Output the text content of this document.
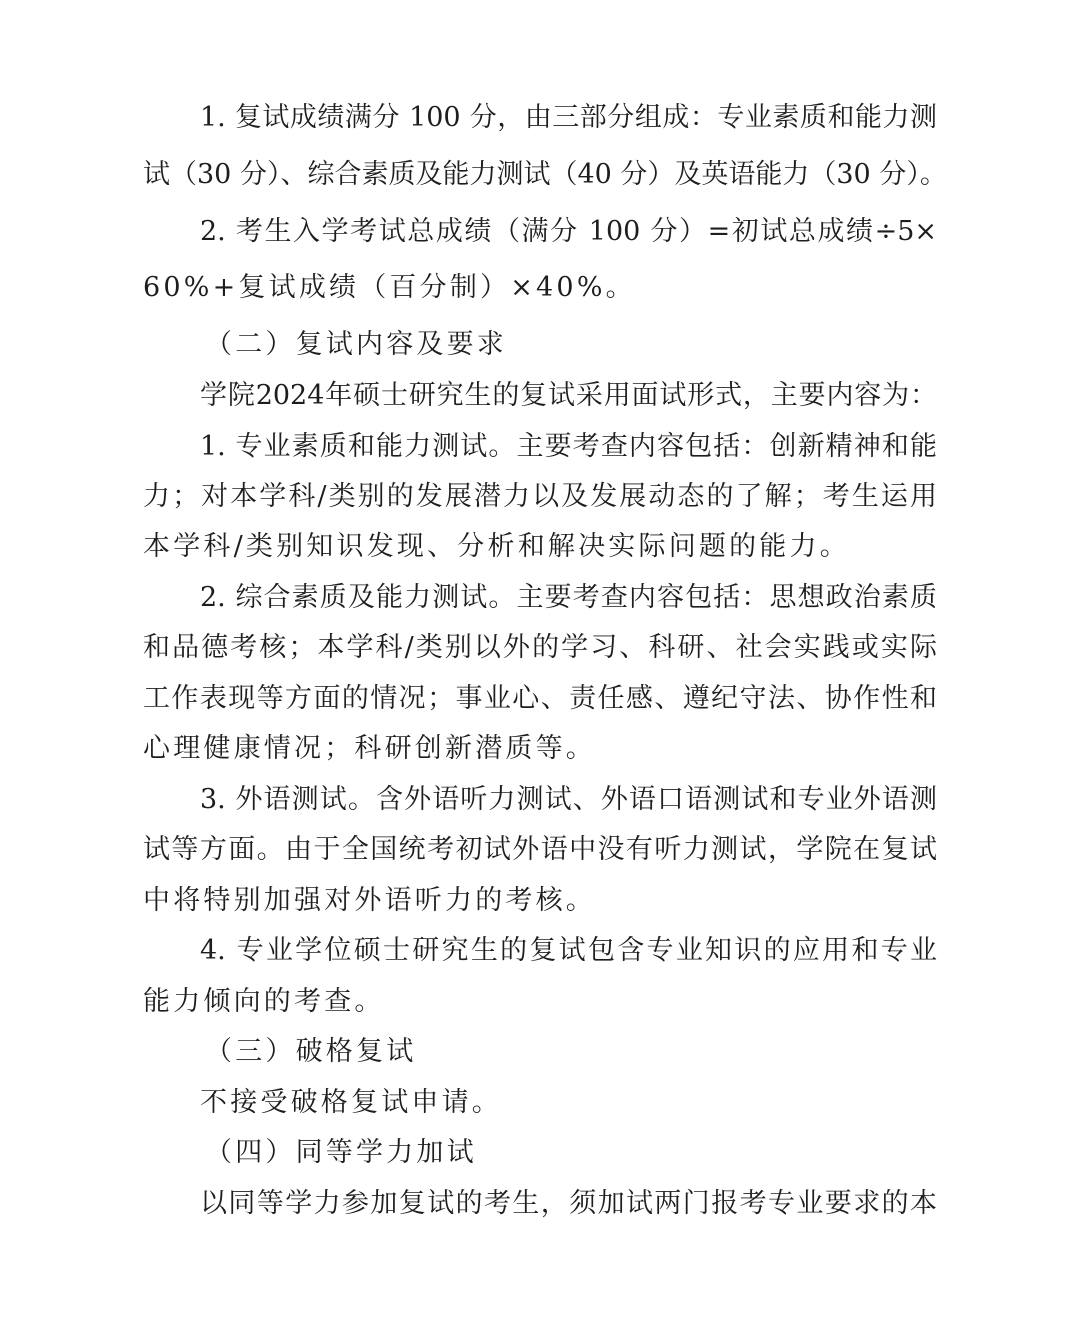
1. 复试成绩满分 100 分，由三部分组成：专业素质和能力测
试（30 分）、综合素质及能力测试（40 分）及英语能力（30 分）。
2. 考生入学考试总成绩（满分 100 分）=初试总成绩÷5×
60%+复试成绩（百分制）×40%。
（二）复试内容及要求
学院2024年硕士研究生的复试采用面试形式，主要内容为：
1. 专业素质和能力测试。主要考查内容包括：创新精神和能
力；对本学科/类别的发展潜力以及发展动态的了解；考生运用
本学科/类别知识发现、分析和解决实际问题的能力。
2. 综合素质及能力测试。主要考查内容包括：思想政治素质
和品德考核；本学科/类别以外的学习、科研、社会实践或实际
工作表现等方面的情况；事业心、责任感、遵纪守法、协作性和
心理健康情况；科研创新潜质等。
3. 外语测试。含外语听力测试、外语口语测试和专业外语测
试等方面。由于全国统考初试外语中没有听力测试，学院在复试
中将特别加强对外语听力的考核。
4. 专业学位硕士研究生的复试包含专业知识的应用和专业
能力倾向的考查。
（三）破格复试
不接受破格复试申请。
（四）同等学力加试
以同等学力参加复试的考生，须加试两门报考专业要求的本
